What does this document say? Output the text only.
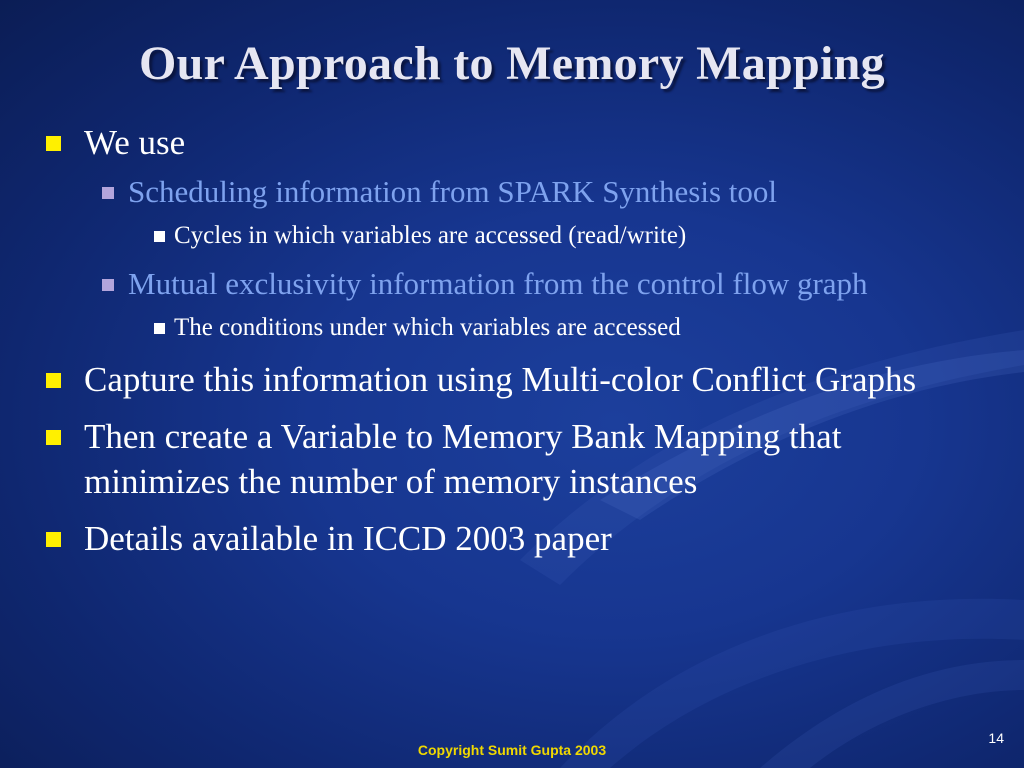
Our Approach to Memory Mapping
We use
Scheduling information from SPARK Synthesis tool
Cycles in which variables are accessed (read/write)
Mutual exclusivity information from the control flow graph
The conditions under which variables are accessed
Capture this information using Multi-color Conflict Graphs
Then create a Variable to Memory Bank Mapping that minimizes the number of memory instances
Details available in ICCD 2003 paper
Copyright Sumit Gupta 2003
14
